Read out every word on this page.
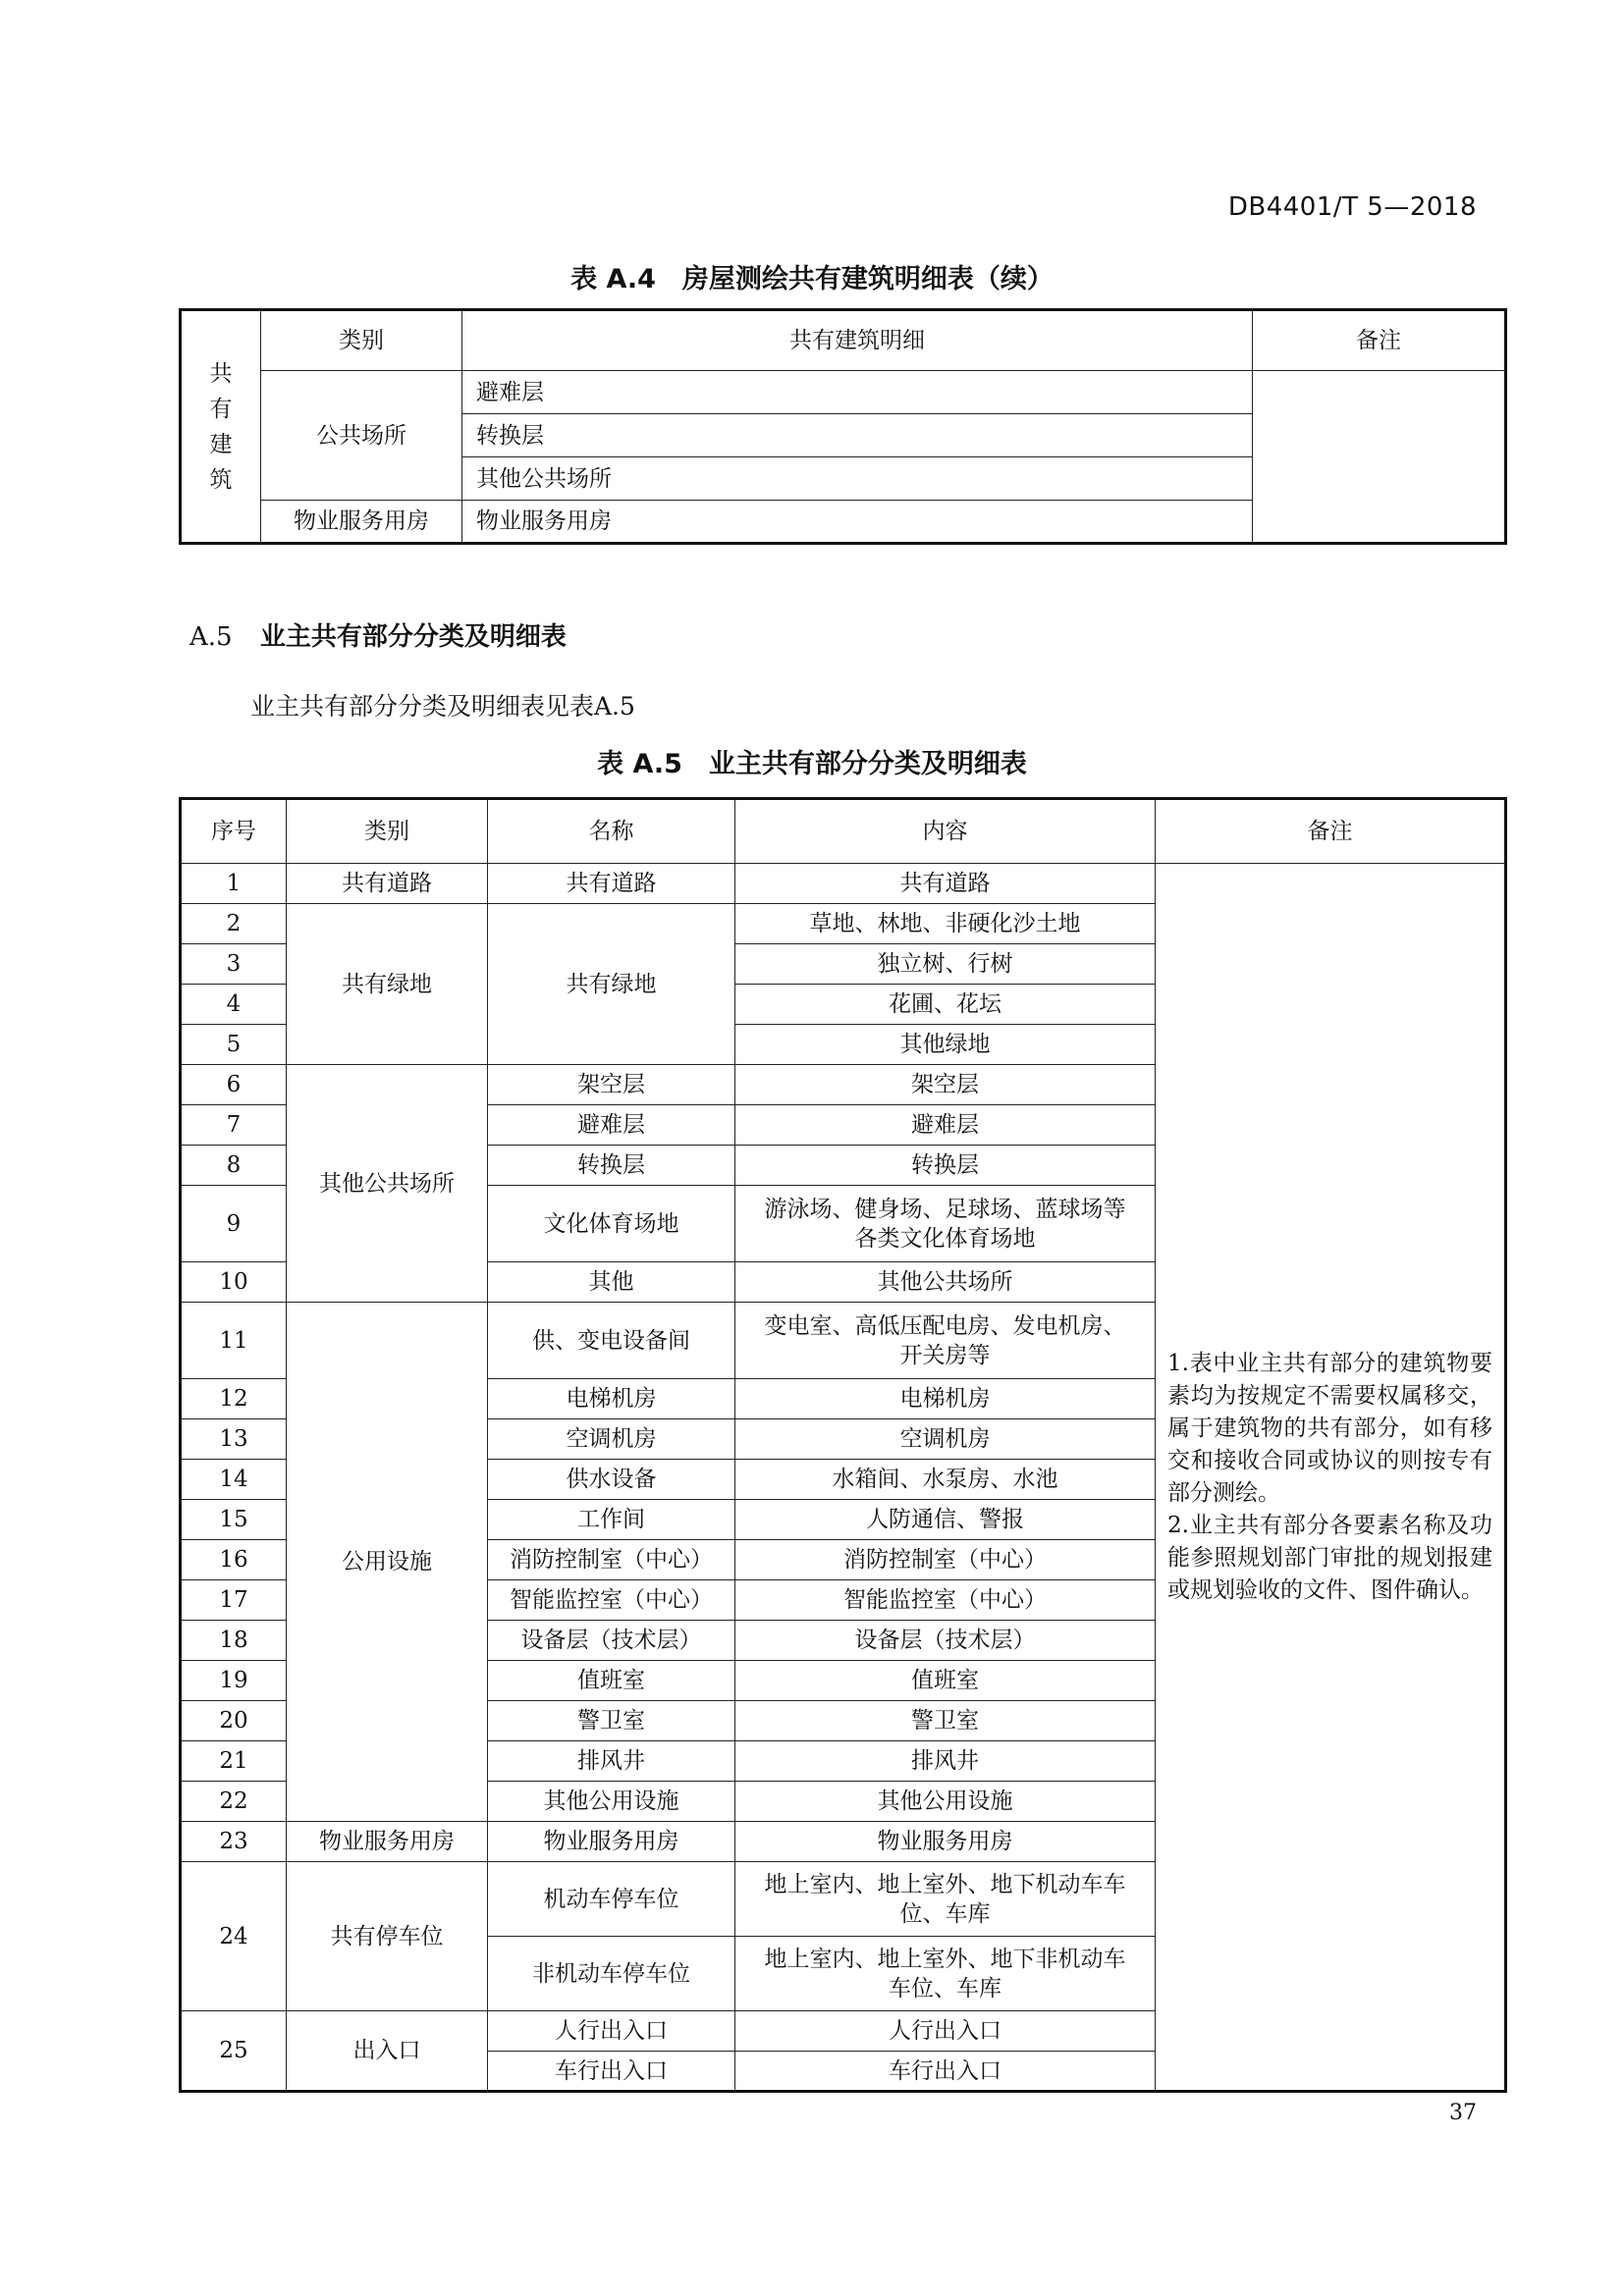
DB4401/T 5—2018
表 A.4　房屋测绘共有建筑明细表（续）
共
有
建
筑	类别	共有建筑明细	备注
	公共场所	避难层	
		转换层	
		其他公共场所	
	物业服务用房	物业服务用房	
A.5 业主共有部分分类及明细表
业主共有部分分类及明细表见表A.5
表 A.5　业主共有部分分类及明细表
序号	类别	名称	内容	备注
1	共有道路	共有道路	共有道路	1.表中业主共有部分的建筑物要素均为按规定不需要权属移交，属于建筑物的共有部分，如有移交和接收合同或协议的则按专有部分测绘。

2.业主共有部分各要素名称及功能参照规划部门审批的规划报建或规划验收的文件、图件确认。

2	共有绿地	共有绿地	草地、林地、非硬化沙土地	
3			独立树、行树	
4			花圃、花坛	
5			其他绿地	
6	其他公共场所	架空层	架空层	
7		避难层	避难层	
8		转换层	转换层	
9		文化体育场地	游泳场、健身场、足球场、蓝球场等
各类文化体育场地	
10		其他	其他公共场所	
11	公用设施	供、变电设备间	变电室、高低压配电房、发电机房、
开关房等	
12		电梯机房	电梯机房	
13		空调机房	空调机房	
14		供水设备	水箱间、水泵房、水池	
15		工作间	人防通信、警报	
16		消防控制室（中心）	消防控制室（中心）	
17		智能监控室（中心）	智能监控室（中心）	
18		设备层（技术层）	设备层（技术层）	
19		值班室	值班室	
20		警卫室	警卫室	
21		排风井	排风井	
22		其他公用设施	其他公用设施	
23	物业服务用房	物业服务用房	物业服务用房	
24	共有停车位	机动车停车位	地上室内、地上室外、地下机动车车
位、车库	
		非机动车停车位	地上室内、地上室外、地下非机动车
车位、车库	
25	出入口	人行出入口	人行出入口	
		车行出入口	车行出入口	
37
